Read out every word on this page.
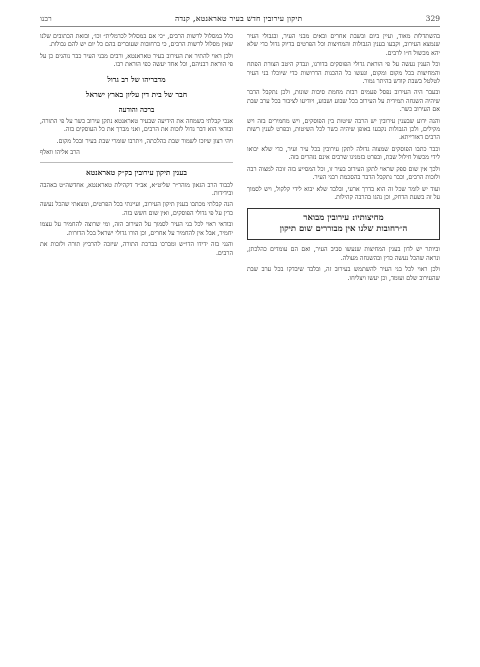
329
תיקון עירובין חדש בעיר טאראנטא, קנדה
רבנו

בהשתדלות מאוד, ועיין ביום ובשבת אחרים ובאים מבני העיר, ובגבולי העיר שנמצא העירוב, וקבעו בענין הגבולות והמחיצות וכל הפרטים בדיוק גדול כדי שלא יהא מכשול ח״ו לרבים.

וכל הענין נעשה על פי הוראת גדולי הפוסקים בדורנו, ונבדק היטב הצורת הפתח והמחיצות בכל מקום ומקום, ונעשו כל ההכנות הדרושות כדי שיוכלו בני העיר לטלטל בשבת קודש בהיתר גמור.

ובעבר היה העירוב נפסל פעמים רבות מחמת סיבות שונות, ולכן נתקבל הדבר שיהיה השגחה תמידית על העירוב בכל שבוע ושבוע, ויודיעו לציבור בכל ערב שבת אם העירוב כשר.

והנה ידוע שבענין עירובין יש הרבה שיטות בין הפוסקים, ויש מחמירים בזה ויש מקילים, ולכן הגבולות נקבעו באופן שיהיה כשר לכל השיטות, ובפרט לענין רשות הרבים דאורייתא.

וכבר כתבו הפוסקים שמצוה גדולה לתקן עירובין בכל עיר ועיר, כדי שלא יבואו לידי מכשול חילול שבת, ובפרט בזמנינו שרבים אינם נזהרים בזה.

ולכך אין שום ספק שראוי לתקן העירוב בעיר זו, וכל המסייע בזה זוכה למצוה רבה ולזכות הרבים, וכבר נתקבל הדבר בהסכמת רבני העיר.

ועוד יש לומר שכל זה הוא בדרך ארעי, ובלבד שלא יבוא לידי קלקול, ויש לסמוך על זה בשעת הדחק, וכן נהגו בהרבה קהילות.

מחיצותיו: עירובין מבואר
ה״רחובות שלנו אין מבוררים שום תיקון

וביותר יש לדון בענין המחיצות שנעשו סביב העיר, ואם הם עומדים כהלכתן, ונראה שהכל נעשה כדין ובהשגחה מעולה.

ולכן ראוי לכל בני העיר להשתמש בעירוב זה, ובלבד שיבדקו בכל ערב שבת שהעירוב שלם ועומד, וכן יעשו ויצליחו.

כלל במסלול לרשות הרבים, ״כי אם במסלול לכרמלית״ וכו׳, ובזאת הכתובים שלנו שאין מסלול לרשות הרבים, כי ברחובות שעוברים בהם כל יום יש להם גבולות.

ולכן ראוי להתיר את העירוב בעיר טאראנטא, ורבים מבני העיר כבר נוהגים כן על פי הוראת רבניהם, וכל אחד יעשה כפי הוראת רבו.

מדבריהו של רב גדול
חבר של בית דין עליון בארץ ישראל
ברכה והודעה

אנכי קבלתי בשמחה את הידיעה שבעיר טאראנטא נתקן עירוב כשר על פי התורה, ובודאי הוא דבר גדול לזכות את הרבים, ואני מברך את כל העוסקים בזה.

ויהי רצון שיזכו לשמור שבת כהלכתה, ויתרבו שומרי שבת בעיר ובכל מקום.

הרב אליהו וואלף
בענין תיקון עירובין בק״ק טאראנטא

לכבוד הרב הגאון מוהר״ר שליט״א, אב״ד דקהילת טאראנטא, אחדשה״ט באהבה ובידידות.

הנה קבלתי מכתבו בענין תיקון העירוב, ועיינתי בכל הפרטים, ומצאתי שהכל נעשה כדין על פי גדולי הפוסקים, ואין שום חשש בזה.

ובודאי ראוי לכל בני העיר לסמוך על העירוב הזה, ומי שרוצה להחמיר על עצמו יחמיר, אבל אין להחמיר על אחרים, וכן הורו גדולי ישראל בכל הדורות.

והנני בזה ידידו הדו״ש ומברכו בברכת התורה, שיזכה להרביץ תורה ולזכות את הרבים.
